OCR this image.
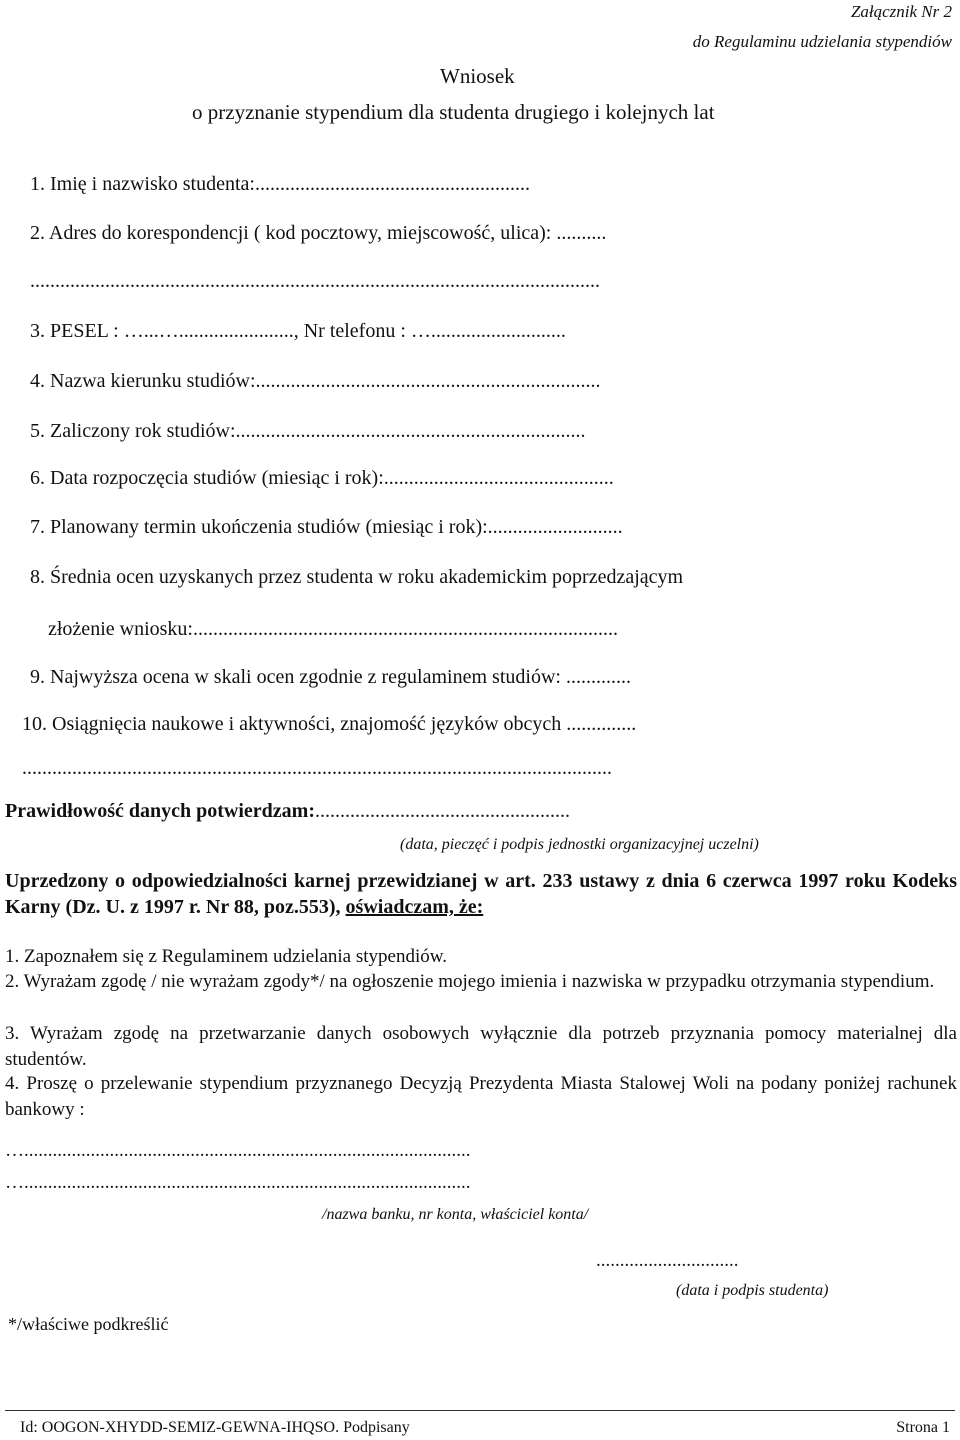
Załącznik Nr 2
do Regulaminu udzielania stypendiów
Wniosek
o przyznanie stypendium dla studenta drugiego i kolejnych lat
1. Imię i nazwisko studenta:.......................................................
2. Adres do korespondencji ( kod pocztowy, miejscowość, ulica): ..........
..................................................................................................................
3. PESEL : …...…......................., Nr telefonu : …...........................
4. Nazwa kierunku studiów:.....................................................................
5. Zaliczony rok studiów:......................................................................
6. Data rozpoczęcia studiów (miesiąc i rok):..............................................
7. Planowany termin ukończenia studiów (miesiąc i rok):...........................
8. Średnia ocen uzyskanych przez studenta w roku akademickim poprzedzającym
złożenie wniosku:.....................................................................................
9. Najwyższa ocena w skali ocen zgodnie z regulaminem studiów: .............
10. Osiągnięcia naukowe i aktywności, znajomość języków obcych ..............
......................................................................................................................
Prawidłowość danych potwierdzam:...................................................
(data, pieczęć i podpis jednostki organizacyjnej uczelni)
Uprzedzony o odpowiedzialności karnej przewidzianej w art. 233 ustawy z dnia 6 czerwca 1997 roku Kodeks Karny (Dz. U. z 1997 r. Nr 88, poz.553), oświadczam, że:
1. Zapoznałem się z Regulaminem udzielania stypendiów.
2. Wyrażam zgodę / nie wyrażam zgody*/ na ogłoszenie mojego imienia i nazwiska w przypadku otrzymania stypendium.
3. Wyrażam zgodę na przetwarzanie danych osobowych wyłącznie dla potrzeb przyznania pomocy materialnej dla studentów.
4. Proszę o przelewanie stypendium przyznanego Decyzją Prezydenta Miasta Stalowej Woli na podany poniżej rachunek bankowy :
…..............................................................................................
…..............................................................................................
/nazwa banku, nr konta, właściciel konta/
..............................
(data i podpis studenta)
*/właściwe podkreślić
Id: OOGON-XHYDD-SEMIZ-GEWNA-IHQSO. Podpisany	Strona 1
